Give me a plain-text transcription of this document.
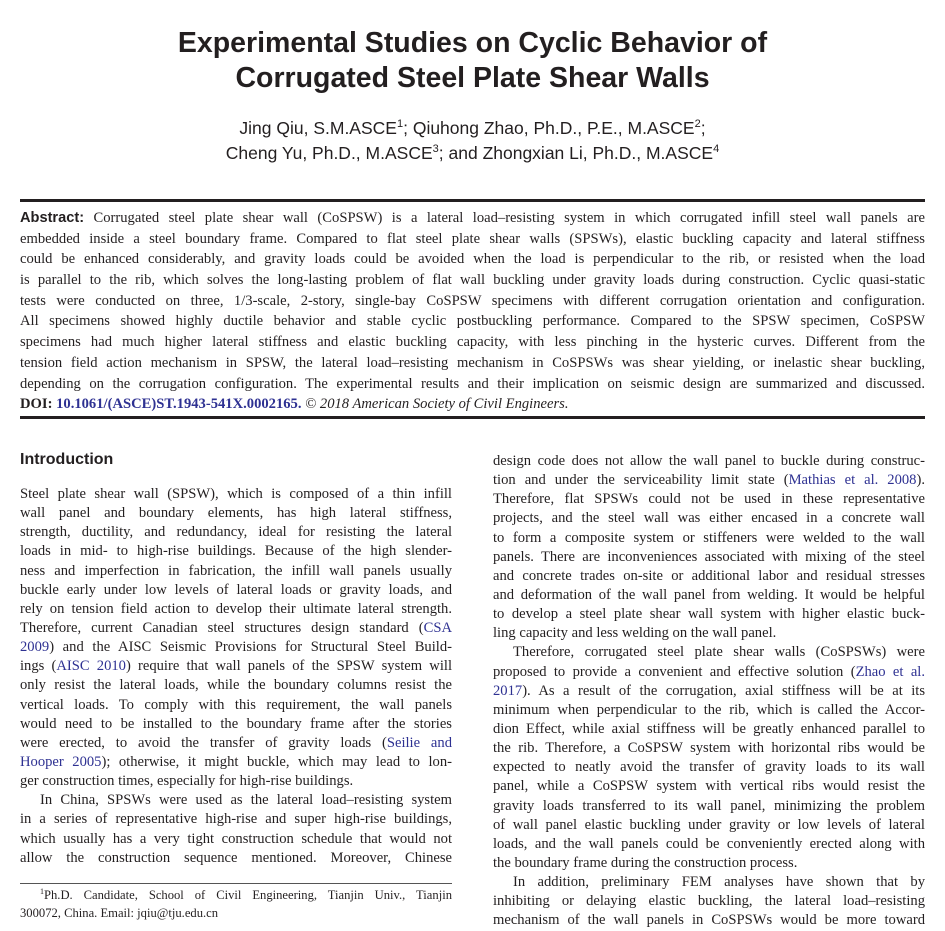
Experimental Studies on Cyclic Behavior of
Corrugated Steel Plate Shear Walls
Jing Qiu, S.M.ASCE$^1$; Qiuhong Zhao, Ph.D., P.E., M.ASCE$^2$;
Cheng Yu, Ph.D., M.ASCE$^3$; and Zhongxian Li, Ph.D., M.ASCE$^4$
Abstract: Corrugated steel plate shear wall (CoSPSW) is a lateral load–resisting system in which corrugated infill steel wall panels are
embedded inside a steel boundary frame. Compared to flat steel plate shear walls (SPSWs), elastic buckling capacity and lateral stiffness
could be enhanced considerably, and gravity loads could be avoided when the load is perpendicular to the rib, or resisted when the load
is parallel to the rib, which solves the long-lasting problem of flat wall buckling under gravity loads during construction. Cyclic quasi-static
tests were conducted on three, 1/3-scale, 2-story, single-bay CoSPSW specimens with different corrugation orientation and configuration.
All specimens showed highly ductile behavior and stable cyclic postbuckling performance. Compared to the SPSW specimen, CoSPSW
specimens had much higher lateral stiffness and elastic buckling capacity, with less pinching in the hysteric curves. Different from the
tension field action mechanism in SPSW, the lateral load–resisting mechanism in CoSPSWs was shear yielding, or inelastic shear buckling,
depending on the corrugation configuration. The experimental results and their implication on seismic design are summarized and discussed.
DOI: 10.1061/(ASCE)ST.1943-541X.0002165. © 2018 American Society of Civil Engineers.
Introduction
Steel plate shear wall (SPSW), which is composed of a thin infill
wall panel and boundary elements, has high lateral stiffness,
strength, ductility, and redundancy, ideal for resisting the lateral
loads in mid- to high-rise buildings. Because of the high slender-
ness and imperfection in fabrication, the infill wall panels usually
buckle early under low levels of lateral loads or gravity loads, and
rely on tension field action to develop their ultimate lateral strength.
Therefore, current Canadian steel structures design standard (CSA
2009) and the AISC Seismic Provisions for Structural Steel Build-
ings (AISC 2010) require that wall panels of the SPSW system will
only resist the lateral loads, while the boundary columns resist the
vertical loads. To comply with this requirement, the wall panels
would need to be installed to the boundary frame after the stories
were erected, to avoid the transfer of gravity loads (Seilie and
Hooper 2005); otherwise, it might buckle, which may lead to lon-
ger construction times, especially for high-rise buildings.
In China, SPSWs were used as the lateral load–resisting system
in a series of representative high-rise and super high-rise buildings,
which usually has a very tight construction schedule that would not
allow the construction sequence mentioned. Moreover, Chinese
design code does not allow the wall panel to buckle during construc-
tion and under the serviceability limit state (Mathias et al. 2008).
Therefore, flat SPSWs could not be used in these representative
projects, and the steel wall was either encased in a concrete wall
to form a composite system or stiffeners were welded to the wall
panels. There are inconveniences associated with mixing of the steel
and concrete trades on-site or additional labor and residual stresses
and deformation of the wall panel from welding. It would be helpful
to develop a steel plate shear wall system with higher elastic buck-
ling capacity and less welding on the wall panel.
Therefore, corrugated steel plate shear walls (CoSPSWs) were
proposed to provide a convenient and effective solution (Zhao et al.
2017). As a result of the corrugation, axial stiffness will be at its
minimum when perpendicular to the rib, which is called the Accor-
dion Effect, while axial stiffness will be greatly enhanced parallel to
the rib. Therefore, a CoSPSW system with horizontal ribs would be
expected to neatly avoid the transfer of gravity loads to its wall
panel, while a CoSPSW system with vertical ribs would resist the
gravity loads transferred to its wall panel, minimizing the problem
of wall panel elastic buckling under gravity or low levels of lateral
loads, and the wall panels could be conveniently erected along with
the boundary frame during the construction process.
In addition, preliminary FEM analyses have shown that by
inhibiting or delaying elastic buckling, the lateral load–resisting
mechanism of the wall panels in CoSPSWs would be more toward
$^1$Ph.D. Candidate, School of Civil Engineering, Tianjin Univ., Tianjin
300072, China. Email: jqiu@tju.edu.cn
